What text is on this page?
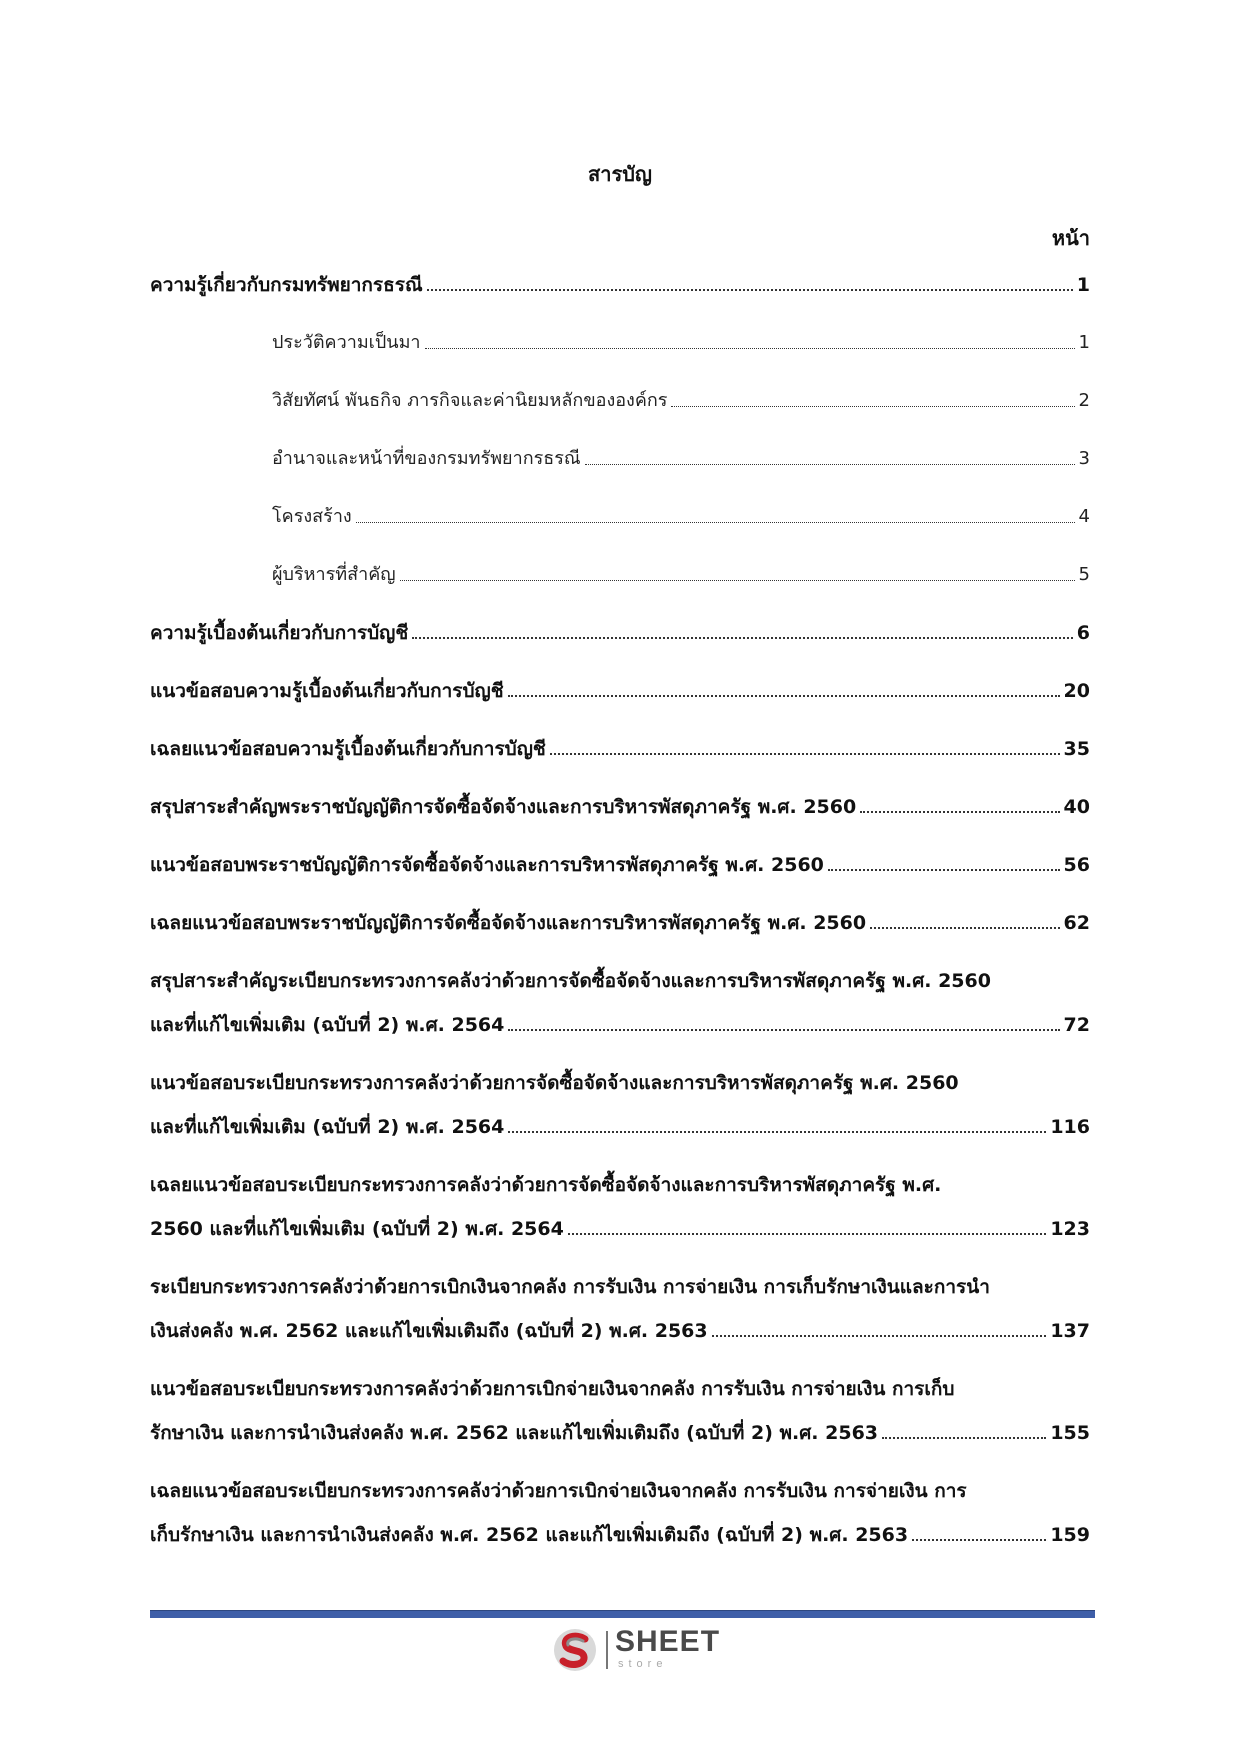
สารบัญ
หน้า
ความรู้เกี่ยวกับกรมทรัพยากรธรณี	1
ประวัติความเป็นมา	1
วิสัยทัศน์ พันธกิจ ภารกิจและค่านิยมหลักขององค์กร	2
อำนาจและหน้าที่ของกรมทรัพยากรธรณี	3
โครงสร้าง	4
ผู้บริหารที่สำคัญ	5
ความรู้เบื้องต้นเกี่ยวกับการบัญชี	6
แนวข้อสอบความรู้เบื้องต้นเกี่ยวกับการบัญชี	20
เฉลยแนวข้อสอบความรู้เบื้องต้นเกี่ยวกับการบัญชี	35
สรุปสาระสำคัญพระราชบัญญัติการจัดซื้อจัดจ้างและการบริหารพัสดุภาครัฐ พ.ศ. 2560	40
แนวข้อสอบพระราชบัญญัติการจัดซื้อจัดจ้างและการบริหารพัสดุภาครัฐ พ.ศ. 2560	56
เฉลยแนวข้อสอบพระราชบัญญัติการจัดซื้อจัดจ้างและการบริหารพัสดุภาครัฐ พ.ศ. 2560	62
สรุปสาระสำคัญระเบียบกระทรวงการคลังว่าด้วยการจัดซื้อจัดจ้างและการบริหารพัสดุภาครัฐ พ.ศ. 2560
และที่แก้ไขเพิ่มเติม (ฉบับที่ 2) พ.ศ. 2564	72
แนวข้อสอบระเบียบกระทรวงการคลังว่าด้วยการจัดซื้อจัดจ้างและการบริหารพัสดุภาครัฐ พ.ศ. 2560
และที่แก้ไขเพิ่มเติม (ฉบับที่ 2) พ.ศ. 2564	116
เฉลยแนวข้อสอบระเบียบกระทรวงการคลังว่าด้วยการจัดซื้อจัดจ้างและการบริหารพัสดุภาครัฐ พ.ศ.
2560 และที่แก้ไขเพิ่มเติม (ฉบับที่ 2) พ.ศ. 2564	123
ระเบียบกระทรวงการคลังว่าด้วยการเบิกเงินจากคลัง การรับเงิน การจ่ายเงิน การเก็บรักษาเงินและการนำ
เงินส่งคลัง พ.ศ. 2562 และแก้ไขเพิ่มเติมถึง (ฉบับที่ 2) พ.ศ. 2563	137
แนวข้อสอบระเบียบกระทรวงการคลังว่าด้วยการเบิกจ่ายเงินจากคลัง การรับเงิน การจ่ายเงิน การเก็บ
รักษาเงิน และการนำเงินส่งคลัง พ.ศ. 2562 และแก้ไขเพิ่มเติมถึง (ฉบับที่ 2) พ.ศ. 2563	155
เฉลยแนวข้อสอบระเบียบกระทรวงการคลังว่าด้วยการเบิกจ่ายเงินจากคลัง การรับเงิน การจ่ายเงิน การ
เก็บรักษาเงิน และการนำเงินส่งคลัง พ.ศ. 2562 และแก้ไขเพิ่มเติมถึง (ฉบับที่ 2) พ.ศ. 2563	159
SHEET
store
